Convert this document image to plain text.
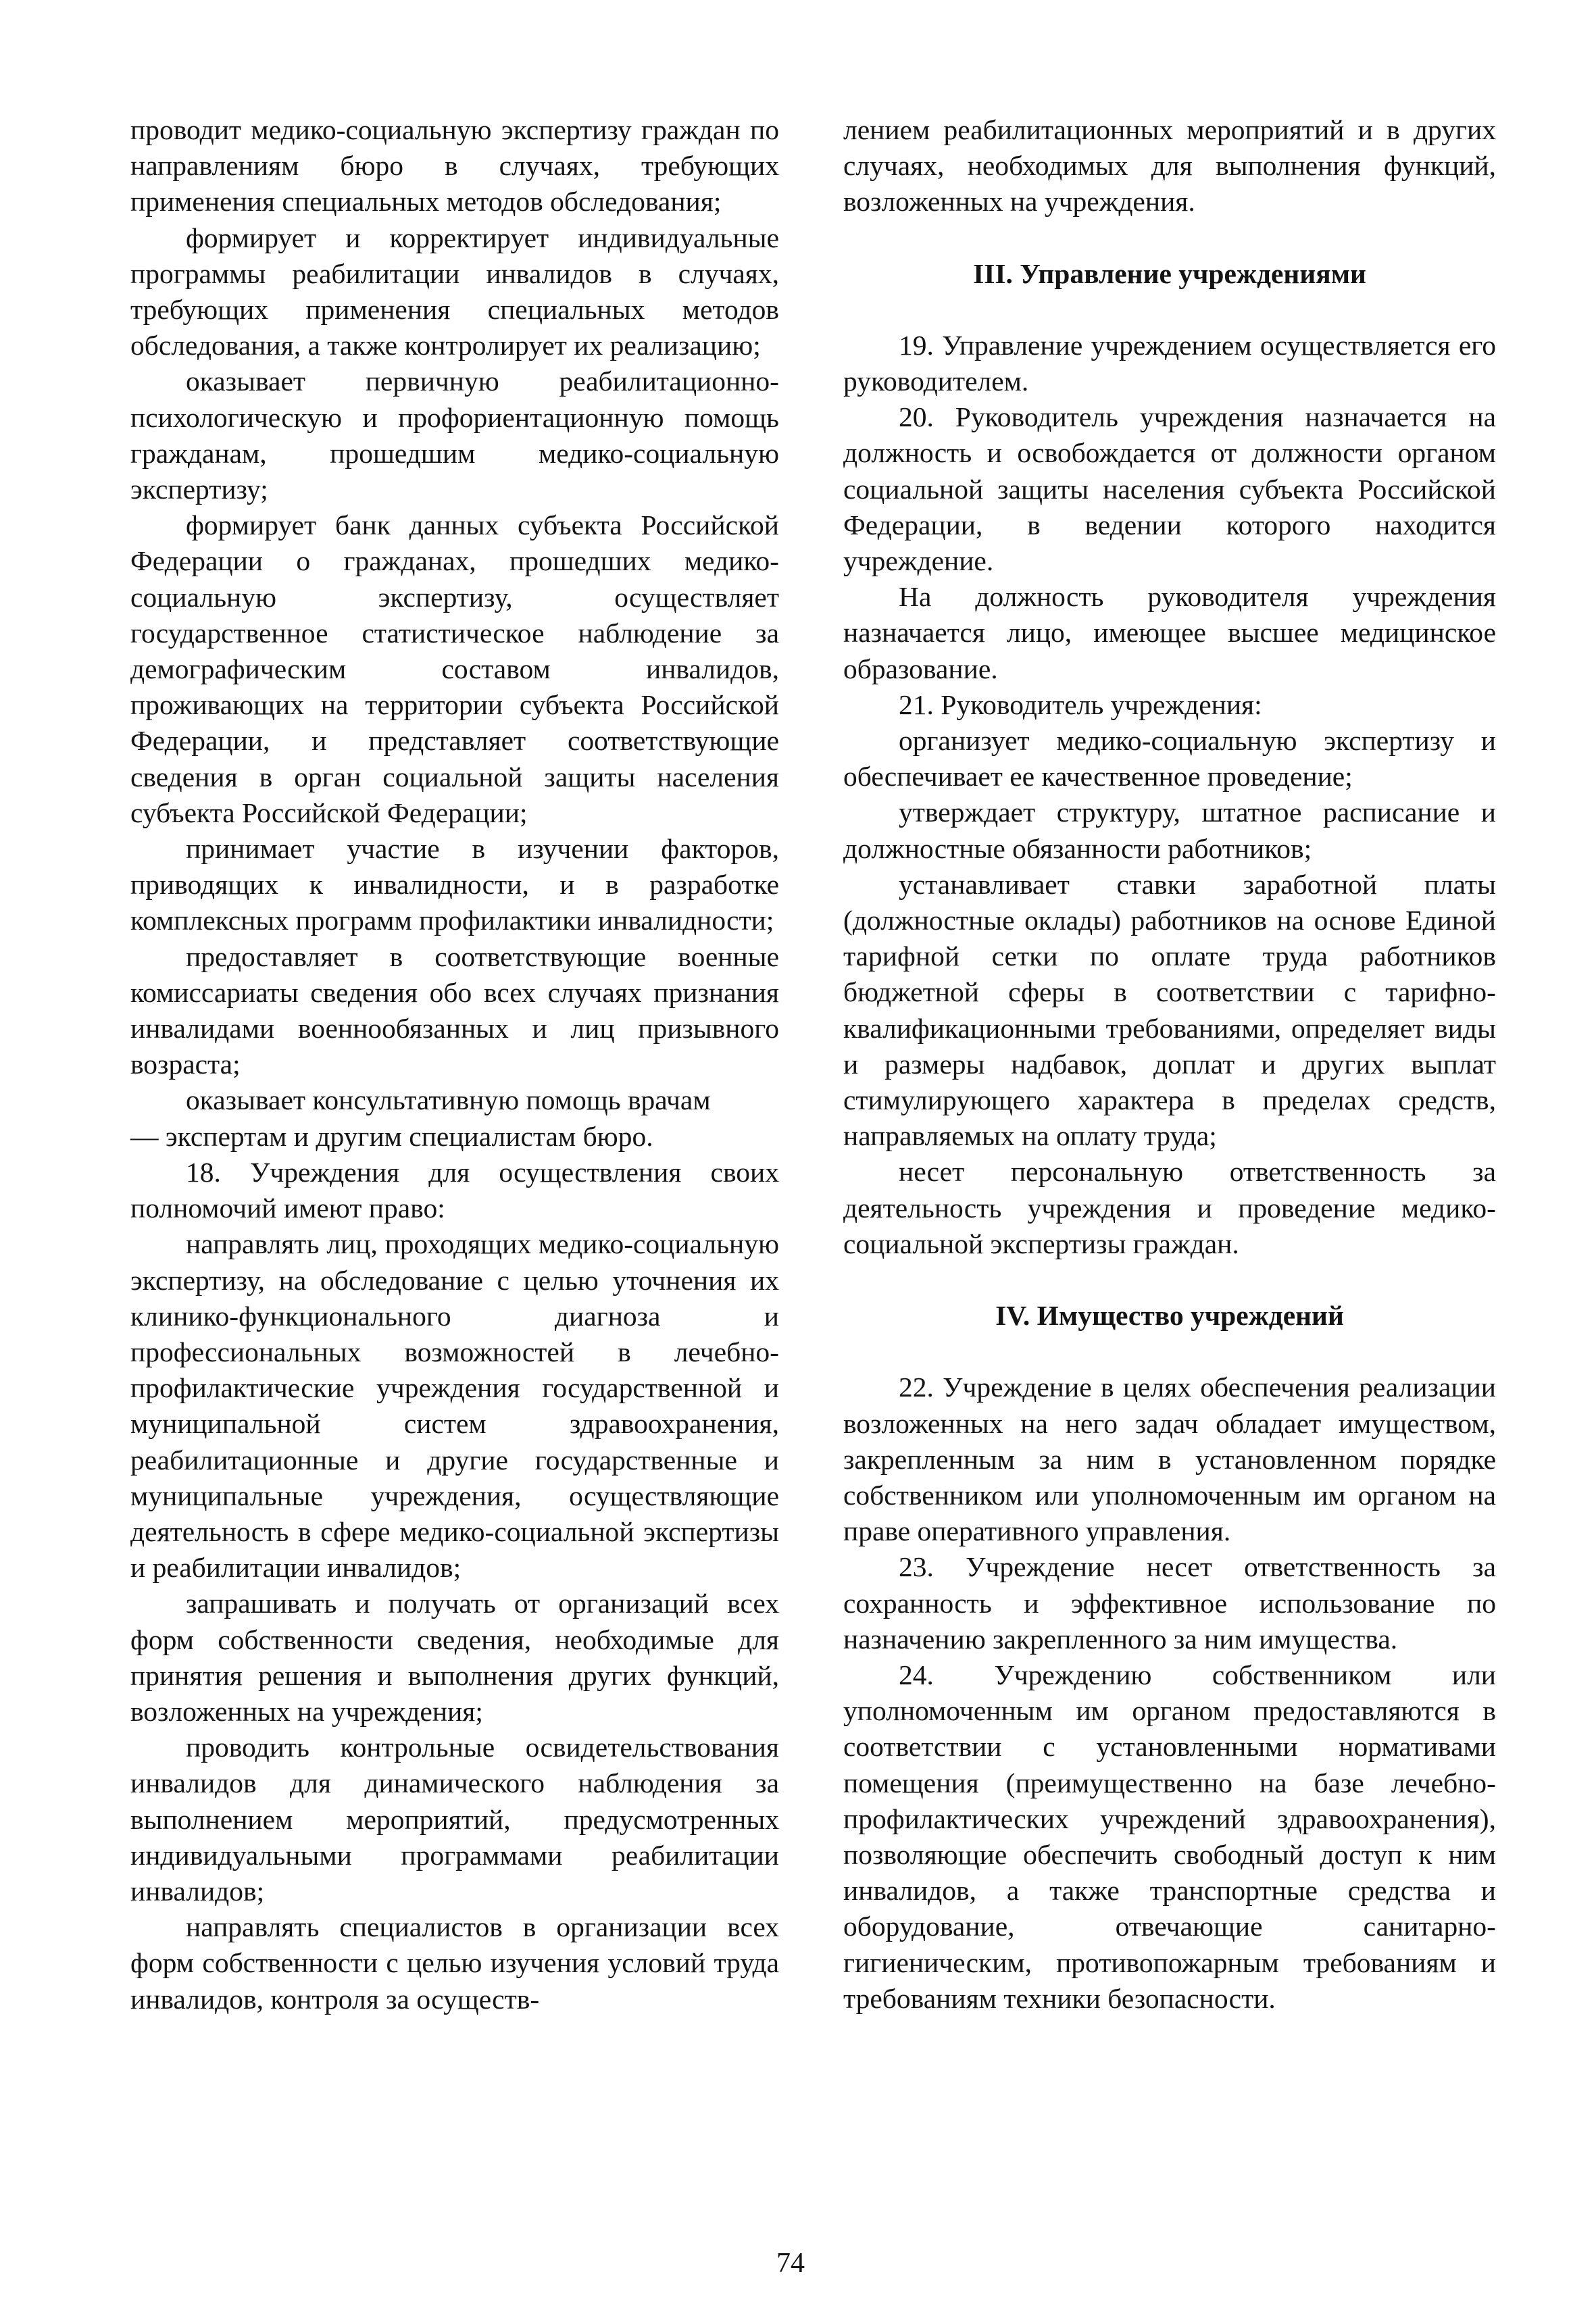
проводит медико-социальную экспертизу граждан по направлениям бюро в случаях, требующих применения специальных методов обследования;

формирует и корректирует индивидуальные программы реабилитации инвалидов в случаях, требующих применения специальных методов обследования, а также контролирует их реализацию;

оказывает первичную реабилитационно-психологическую и профориентационную помощь гражданам, прошедшим медико-социальную экспертизу;

формирует банк данных субъекта Российской Федерации о гражданах, прошедших медико-социальную экспертизу, осуществляет государственное статистическое наблюдение за демографическим составом инвалидов, проживающих на территории субъекта Российской Федерации, и представляет соответствующие сведения в орган социальной защиты населения субъекта Российской Федерации;

принимает участие в изучении факторов, приводящих к инвалидности, и в разработке комплексных программ профилактики инвалидности;

предоставляет в соответствующие военные комиссариаты сведения обо всех случаях признания инвалидами военнообязанных и лиц призывного возраста;

оказывает консультативную помощь врачам

— экспертам и другим специалистам бюро.

18. Учреждения для осуществления своих полномочий имеют право:

направлять лиц, проходящих медико-социальную экспертизу, на обследование с целью уточнения их клинико-функционального диагноза и профессиональных возможностей в лечебно-профилактические учреждения государственной и муниципальной систем здравоохранения, реабилитационные и другие государственные и муниципальные учреждения, осуществляющие деятельность в сфере медико-социальной экспертизы и реабилитации инвалидов;

запрашивать и получать от организаций всех форм собственности сведения, необходимые для принятия решения и выполнения других функций, возложенных на учреждения;

проводить контрольные освидетельствования инвалидов для динамического наблюдения за выполнением мероприятий, предусмотренных индивидуальными программами реабилитации инвалидов;

направлять специалистов в организации всех форм собственности с целью изучения условий труда инвалидов, контроля за осуществ-

лением реабилитационных мероприятий и в других случаях, необходимых для выполнения функций, возложенных на учреждения.

III. Управление учреждениями

19. Управление учреждением осуществляется его руководителем.

20. Руководитель учреждения назначается на должность и освобождается от должности органом социальной защиты населения субъекта Российской Федерации, в ведении которого находится учреждение.

На должность руководителя учреждения назначается лицо, имеющее высшее медицинское образование.

21. Руководитель учреждения:

организует медико-социальную экспертизу и обеспечивает ее качественное проведение;

утверждает структуру, штатное расписание и должностные обязанности работников;

устанавливает ставки заработной платы (должностные оклады) работников на основе Единой тарифной сетки по оплате труда работников бюджетной сферы в соответствии с тарифно-квалификационными требованиями, определяет виды и размеры надбавок, доплат и других выплат стимулирующего характера в пределах средств, направляемых на оплату труда;

несет персональную ответственность за деятельность учреждения и проведение медико-социальной экспертизы граждан.

IV. Имущество учреждений

22. Учреждение в целях обеспечения реализации возложенных на него задач обладает имуществом, закрепленным за ним в установленном порядке собственником или уполномоченным им органом на праве оперативного управления.

23. Учреждение несет ответственность за сохранность и эффективное использование по назначению закрепленного за ним имущества.

24. Учреждению собственником или уполномоченным им органом предоставляются в соответствии с установленными нормативами помещения (преимущественно на базе лечебно-профилактических учреждений здравоохранения), позволяющие обеспечить свободный доступ к ним инвалидов, а также транспортные средства и оборудование, отвечающие санитарно-гигиеническим, противопожарным требованиям и требованиям техники безопасности.

74
